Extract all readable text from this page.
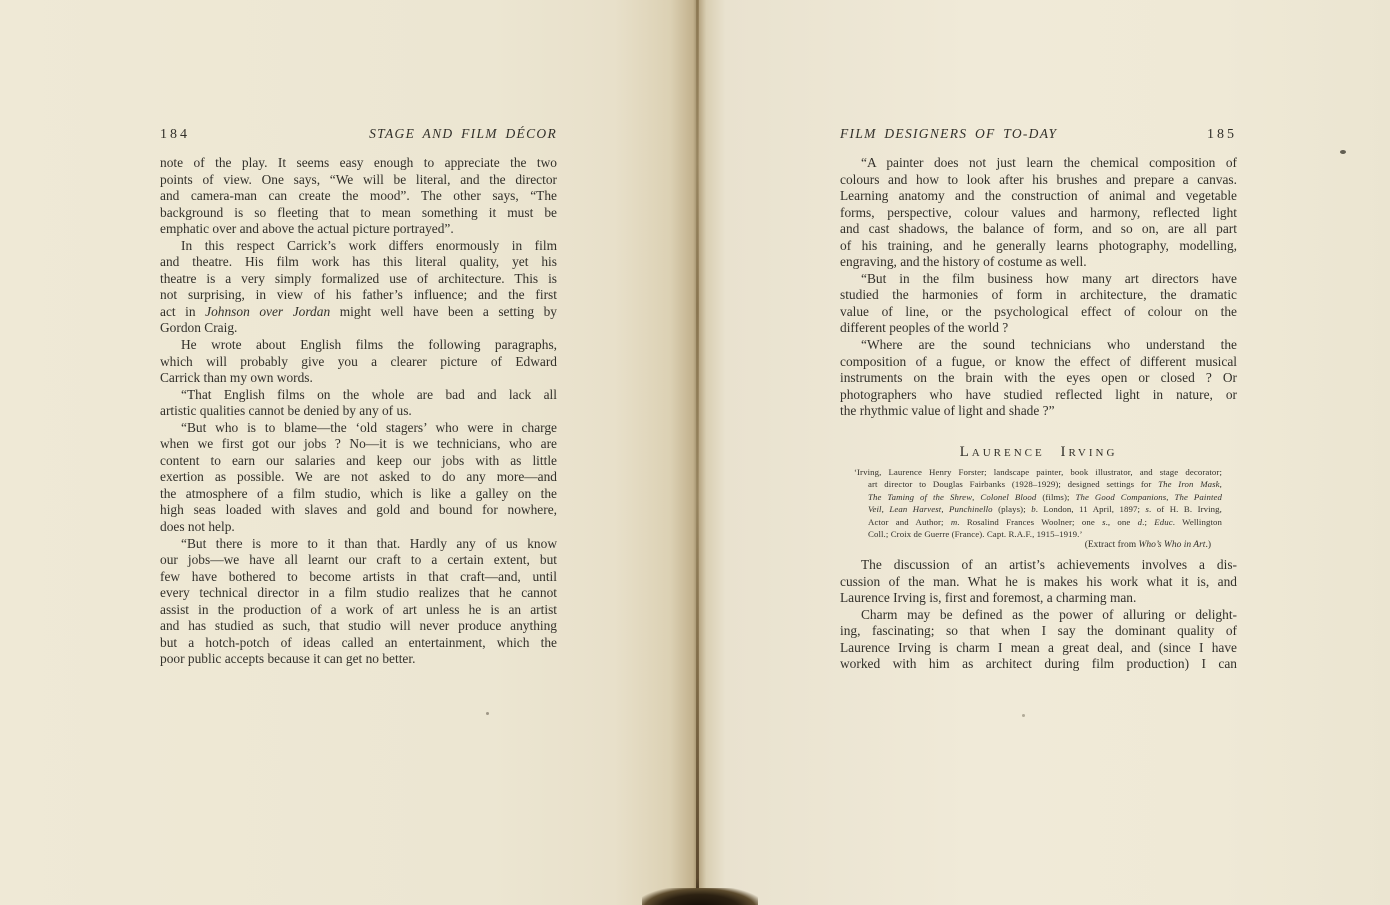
184	STAGE AND FILM DÉCOR	FILM DESIGNERS OF TO-DAY	185
note of the play. It seems easy enough to appreciate the two
points of view. One says, “We will be literal, and the director
and camera-man can create the mood”. The other says, “The
background is so fleeting that to mean something it must be
emphatic over and above the actual picture portrayed”.
In this respect Carrick’s work differs enormously in film
and theatre. His film work has this literal quality, yet his
theatre is a very simply formalized use of architecture. This is
not surprising, in view of his father’s influence; and the first
act in Johnson over Jordan might well have been a setting by
Gordon Craig.
He wrote about English films the following paragraphs,
which will probably give you a clearer picture of Edward
Carrick than my own words.
“That English films on the whole are bad and lack all
artistic qualities cannot be denied by any of us.
“But who is to blame—the ‘old stagers’ who were in charge
when we first got our jobs ? No—it is we technicians, who are
content to earn our salaries and keep our jobs with as little
exertion as possible. We are not asked to do any more—and
the atmosphere of a film studio, which is like a galley on the
high seas loaded with slaves and gold and bound for nowhere,
does not help.
“But there is more to it than that. Hardly any of us know
our jobs—we have all learnt our craft to a certain extent, but
few have bothered to become artists in that craft—and, until
every technical director in a film studio realizes that he cannot
assist in the production of a work of art unless he is an artist
and has studied as such, that studio will never produce anything
but a hotch-potch of ideas called an entertainment, which the
poor public accepts because it can get no better.
“A painter does not just learn the chemical composition of
colours and how to look after his brushes and prepare a canvas.
Learning anatomy and the construction of animal and vegetable
forms, perspective, colour values and harmony, reflected light
and cast shadows, the balance of form, and so on, are all part
of his training, and he generally learns photography, modelling,
engraving, and the history of costume as well.
“But in the film business how many art directors have
studied the harmonies of form in architecture, the dramatic
value of line, or the psychological effect of colour on the
different peoples of the world ?
“Where are the sound technicians who understand the
composition of a fugue, or know the effect of different musical
instruments on the brain with the eyes open or closed ? Or
photographers who have studied reflected light in nature, or
the rhythmic value of light and shade ?”
Laurence Irving
‘Irving, Laurence Henry Forster; landscape painter, book illustrator, and stage decorator;
art director to Douglas Fairbanks (1928–1929); designed settings for The Iron Mask,
The Taming of the Shrew, Colonel Blood (films); The Good Companions, The Painted
Veil, Lean Harvest, Punchinello (plays); b. London, 11 April, 1897; s. of H. B. Irving,
Actor and Author; m. Rosalind Frances Woolner; one s., one d.; Educ. Wellington
Coll.; Croix de Guerre (France). Capt. R.A.F., 1915–1919.’
(Extract from Who’s Who in Art.)
The discussion of an artist’s achievements involves a dis-
cussion of the man. What he is makes his work what it is, and
Laurence Irving is, first and foremost, a charming man.
Charm may be defined as the power of alluring or delight-
ing, fascinating; so that when I say the dominant quality of
Laurence Irving is charm I mean a great deal, and (since I have
worked with him as architect during film production) I can
